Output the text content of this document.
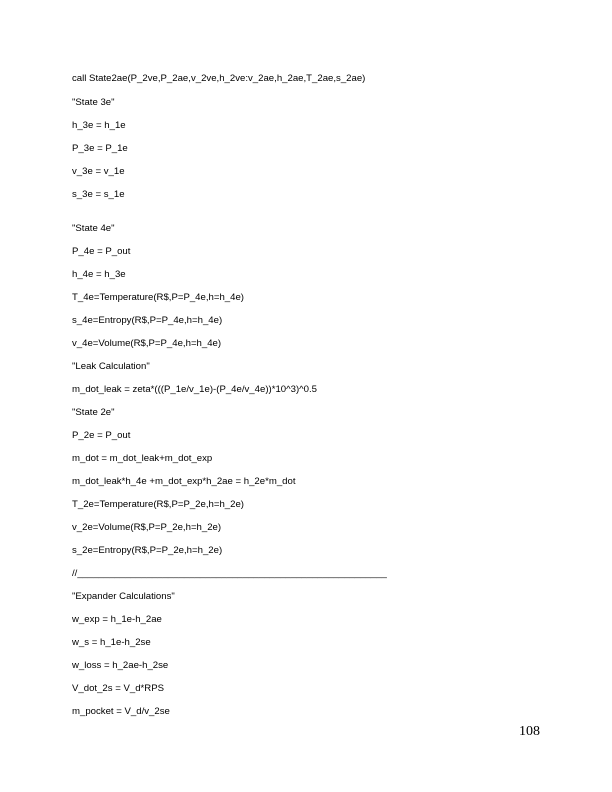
call State2ae(P_2ve,P_2ae,v_2ve,h_2ve:v_2ae,h_2ae,T_2ae,s_2ae)
"State 3e"
h_3e = h_1e
P_3e = P_1e
v_3e = v_1e
s_3e = s_1e
"State 4e"
P_4e = P_out
h_4e = h_3e
T_4e=Temperature(R$,P=P_4e,h=h_4e)
s_4e=Entropy(R$,P=P_4e,h=h_4e)
v_4e=Volume(R$,P=P_4e,h=h_4e)
"Leak Calculation"
m_dot_leak = zeta*(((P_1e/v_1e)-(P_4e/v_4e))*10^3)^0.5
"State 2e"
P_2e = P_out
m_dot = m_dot_leak+m_dot_exp
m_dot_leak*h_4e +m_dot_exp*h_2ae = h_2e*m_dot
T_2e=Temperature(R$,P=P_2e,h=h_2e)
v_2e=Volume(R$,P=P_2e,h=h_2e)
s_2e=Entropy(R$,P=P_2e,h=h_2e)
//__________________________________________________________
"Expander Calculations"
w_exp = h_1e-h_2ae
w_s = h_1e-h_2se
w_loss = h_2ae-h_2se
V_dot_2s = V_d*RPS
m_pocket = V_d/v_2se
108
